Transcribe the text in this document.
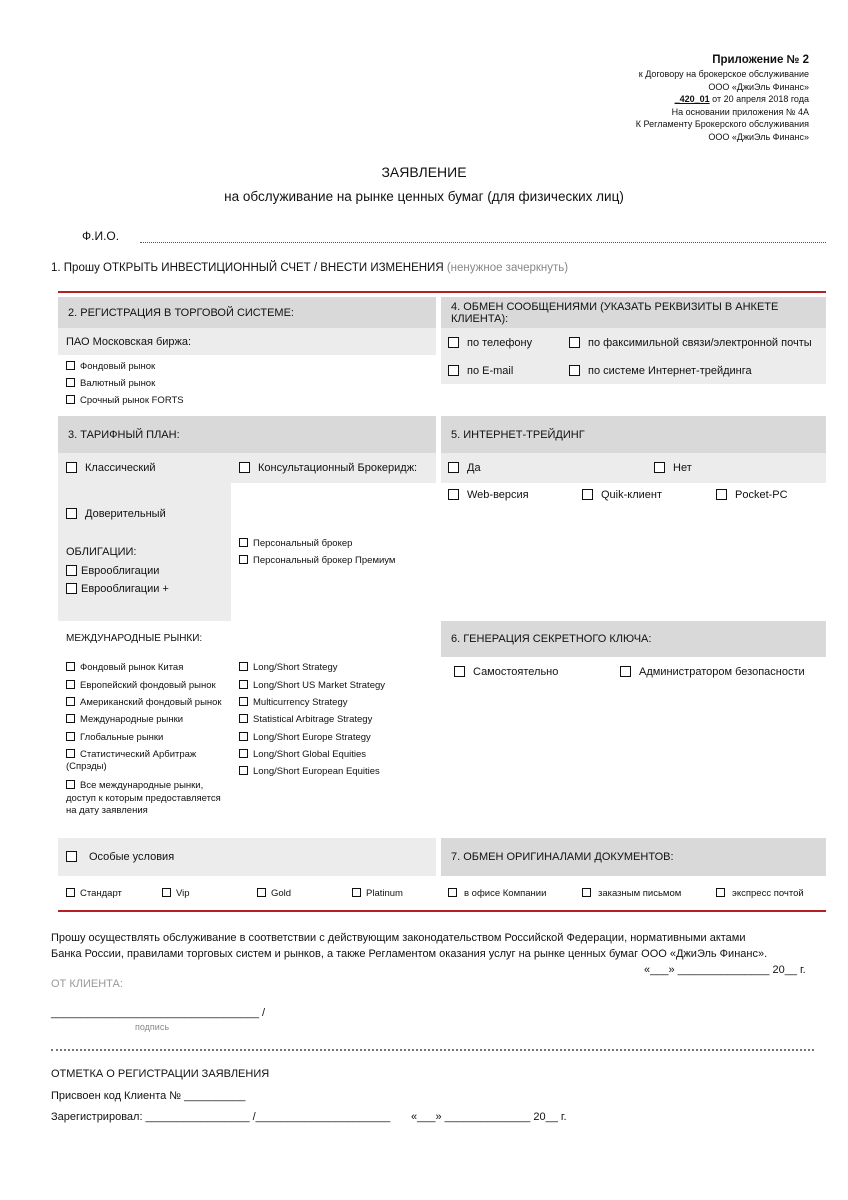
Приложение № 2
к Договору на брокерское обслуживание
ООО «ДжиЭль Финанс»
_420_01 от 20 апреля 2018 года
На основании приложения № 4А
К Регламенту Брокерского обслуживания
ООО «ДжиЭль Финанс»
ЗАЯВЛЕНИЕ
на обслуживание на рынке ценных бумаг (для физических лиц)
Ф.И.О.
1. Прошу ОТКРЫТЬ ИНВЕСТИЦИОННЫЙ СЧЕТ / ВНЕСТИ ИЗМЕНЕНИЯ (ненужное зачеркнуть)
2. РЕГИСТРАЦИЯ В ТОРГОВОЙ СИСТЕМЕ:
ПАО Московская биржа:
Фондовый рынок
Валютный рынок
Срочный рынок FORTS
4. ОБМЕН СООБЩЕНИЯМИ (УКАЗАТЬ РЕКВИЗИТЫ В АНКЕТЕ КЛИЕНТА):
по телефону	по факсимильной связи/электронной почты
по E-mail	по системе Интернет-трейдинга
3. ТАРИФНЫЙ ПЛАН:
Классический	Консультационный Брокеридж:
Доверительный
ОБЛИГАЦИИ:
Еврооблигации
Еврооблигации +
Персональный брокер
Персональный брокер Премиум
5. ИНТЕРНЕТ-ТРЕЙДИНГ
Да	Нет
Web-версия	Quik-клиент	Pocket-PC
МЕЖДУНАРОДНЫЕ РЫНКИ:
Фондовый рынок Китая
Европейский фондовый рынок
Американский фондовый рынок
Международные рынки
Глобальные рынки
Статистический Арбитраж
(Спрэды)
Все международные рынки,
доступ к которым предоставляется
на дату заявления
Long/Short Strategy
Long/Short US Market Strategy
Multicurrency Strategy
Statistical Arbitrage Strategy
Long/Short Europe Strategy
Long/Short Global Equities
Long/Short European Equities
6. ГЕНЕРАЦИЯ СЕКРЕТНОГО КЛЮЧА:
Самостоятельно	Администратором безопасности
Особые условия
Стандарт	Vip	Gold	Platinum
7. ОБМЕН ОРИГИНАЛАМИ ДОКУМЕНТОВ:
в офисе Компании	заказным письмом	экспресс почтой
Прошу осуществлять обслуживание в соответствии с действующим законодательством Российской Федерации, нормативными актами
Банка России, правилами торговых систем и рынков, а также Регламентом оказания услуг на рынке ценных бумаг ООО «ДжиЭль Финанс».
«___» _______________ 20__ г.
ОТ КЛИЕНТА:
__________________________________ /
подпись
ОТМЕТКА О РЕГИСТРАЦИИ ЗАЯВЛЕНИЯ
Присвоен код Клиента № __________
Зарегистрировал: _________________ /______________________ «___» ______________ 20__ г.
